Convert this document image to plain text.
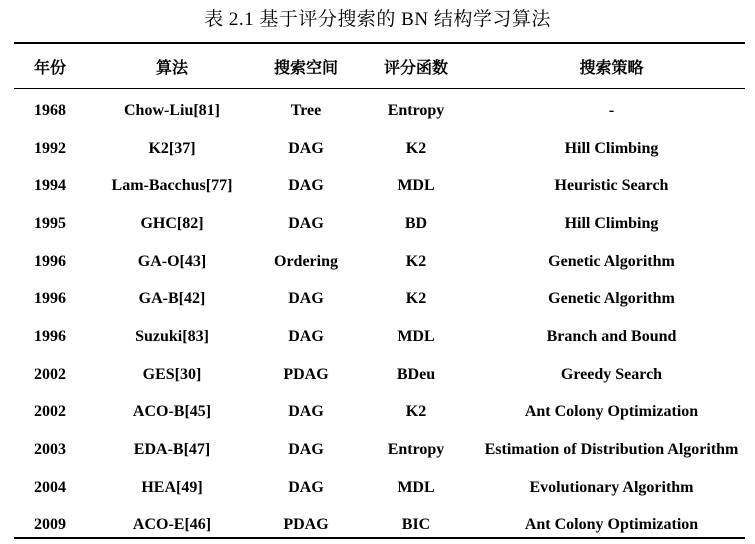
表 2.1 基于评分搜索的 BN 结构学习算法
年份	算法	搜索空间	评分函数	搜索策略
1968	Chow-Liu[81]	Tree	Entropy	-
1992	K2[37]	DAG	K2	Hill Climbing
1994	Lam-Bacchus[77]	DAG	MDL	Heuristic Search
1995	GHC[82]	DAG	BD	Hill Climbing
1996	GA-O[43]	Ordering	K2	Genetic Algorithm
1996	GA-B[42]	DAG	K2	Genetic Algorithm
1996	Suzuki[83]	DAG	MDL	Branch and Bound
2002	GES[30]	PDAG	BDeu	Greedy Search
2002	ACO-B[45]	DAG	K2	Ant Colony Optimization
2003	EDA-B[47]	DAG	Entropy	Estimation of Distribution Algorithm
2004	HEA[49]	DAG	MDL	Evolutionary Algorithm
2009	ACO-E[46]	PDAG	BIC	Ant Colony Optimization
